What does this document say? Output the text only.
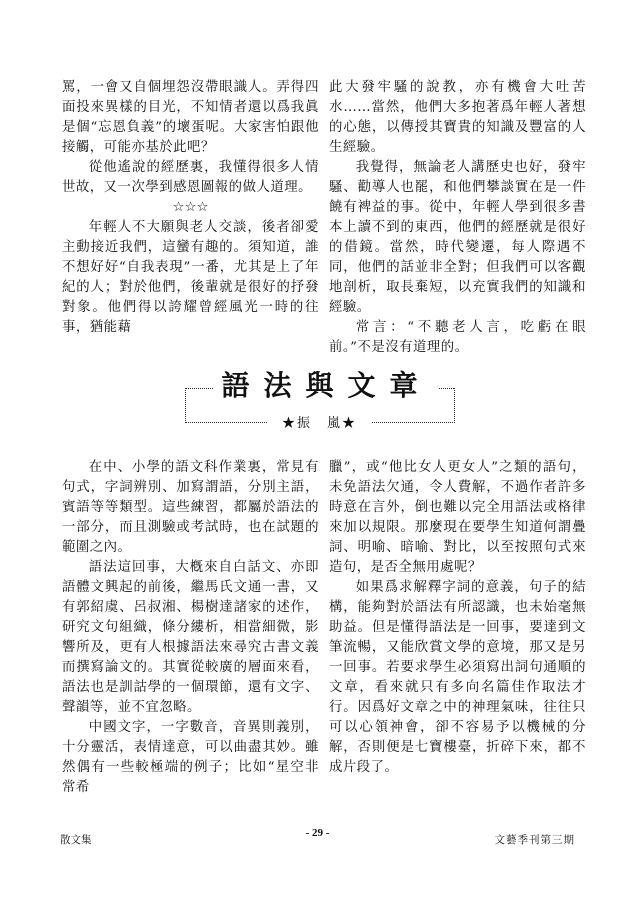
罵，一會又自個埋怨沒帶眼識人。弄得四面投來異樣的目光，不知情者還以爲我眞是個“忘恩負義”的壞蛋呢。大家害怕跟他接觸，可能亦基於此吧？

從他遙說的經歷裏，我懂得很多人情世故，又一次學到感恩圖報的做人道理。

☆☆☆

年輕人不大願與老人交談，後者卻愛主動接近我們，這蠻有趣的。須知道，誰不想好好“自我表現”一番，尤其是上了年紀的人；對於他們，後輩就是很好的抒發對象。他們得以誇耀曾經風光一時的往事，猶能藉

此大發牢騷的說教，亦有機會大吐苦水……當然，他們大多抱著爲年輕人著想的心態，以傳授其寶貴的知識及豐富的人生經驗。

我覺得，無論老人講歷史也好，發牢騷、勸導人也罷，和他們攀談實在是一件饒有裨益的事。從中，年輕人學到很多書本上讀不到的東西，他們的經歷就是很好的借鏡。當然，時代變遷，每人際遇不同，他們的話並非全對；但我們可以客觀地剖析，取長棄短，以充實我們的知識和經驗。

常言：“不聽老人言，吃虧在眼前。”不是沒有道理的。

語法與文章
★振　嵐★

在中、小學的語文科作業裏，常見有句式，字詞辨別、加寫謂語，分別主語，賓語等等類型。這些練習，都屬於語法的一部分，而且測驗或考試時，也在試題的範圍之內。

語法這回事，大槪來自白話文、亦即語體文興起的前後，繼馬氏文通一書，又有郭紹虞、呂叔湘、楊樹達諸家的述作，研究文句組織，條分縷析，相當細微，影響所及，更有人根據語法來尋究古書文義而撰寫論文的。其實從較廣的層面來看，語法也是訓詁學的一個環節，還有文字、聲韻等，並不宜忽略。

中國文字，一字數音，音異則義別，十分靈活，表情達意，可以曲盡其妙。雖然偶有一些較極端的例子；比如“星空非常希

臘”，或“他比女人更女人”之類的語句，未免語法欠通，令人費解，不過作者許多時意在言外，倒也難以完全用語法或格律來加以規限。那麼現在要學生知道何謂疊詞、明喻、暗喻、對比，以至按照句式來造句，是否全無用處呢？

如果爲求解釋字詞的意義，句子的結構，能夠對於語法有所認識，也未始毫無助益。但是懂得語法是一回事，要達到文筆流暢，又能欣賞文學的意境，那又是另一回事。若要求學生必須寫出詞句通順的文章，看來就只有多向名篇佳作取法才行。因爲好文章之中的神理氣味，往往只可以心領神會，卻不容易予以機械的分解，否則便是七寶樓臺，折碎下來，都不成片段了。

散文集
- 29 -
文藝季刊第三期
